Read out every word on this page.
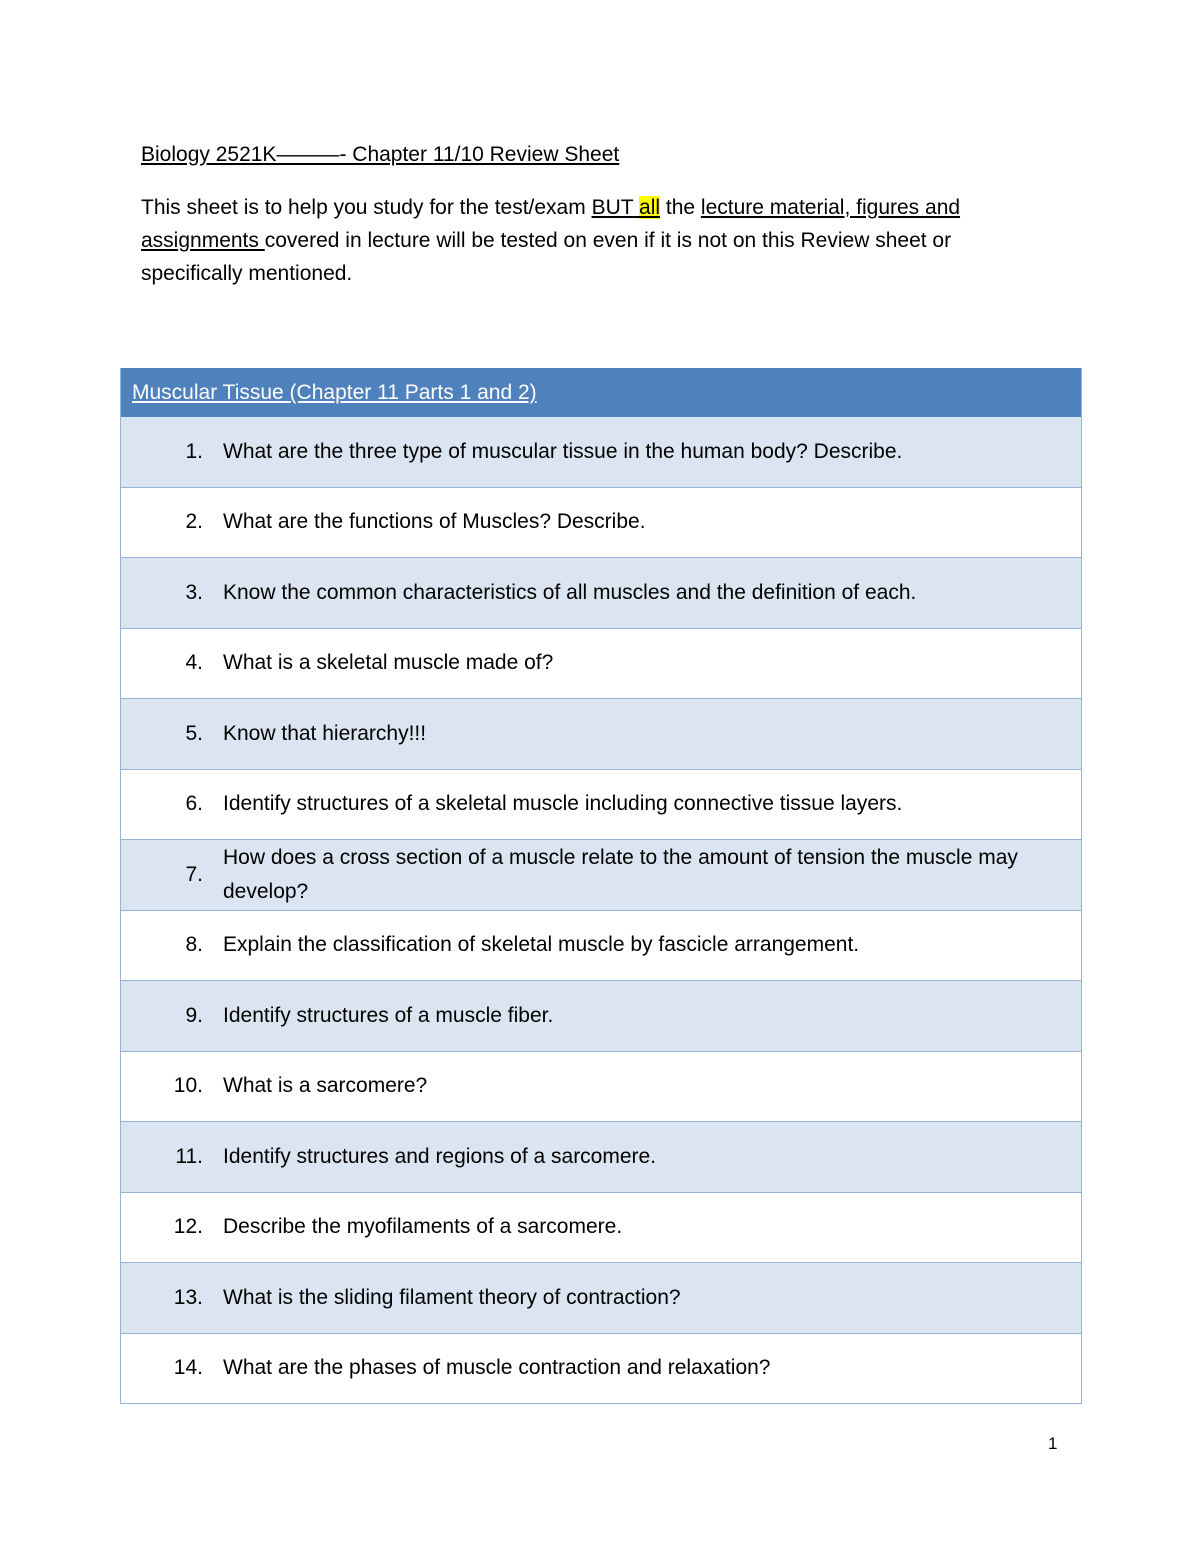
Biology 2521K———- Chapter 11/10 Review Sheet
This sheet is to help you study for the test/exam BUT all the lecture material, figures and assignments covered in lecture will be tested on even if it is not on this Review sheet or specifically mentioned.
Muscular Tissue (Chapter 11 Parts 1 and 2)
1. What are the three type of muscular tissue in the human body? Describe.
2. What are the functions of Muscles? Describe.
3. Know the common characteristics of all muscles and the definition of each.
4. What is a skeletal muscle made of?
5. Know that hierarchy!!!
6. Identify structures of a skeletal muscle including connective tissue layers.
7.
How does a cross section of a muscle relate to the amount of tension the muscle may develop?
8. Explain the classification of skeletal muscle by fascicle arrangement.
9. Identify structures of a muscle fiber.
10. What is a sarcomere?
11. Identify structures and regions of a sarcomere.
12. Describe the myofilaments of a sarcomere.
13. What is the sliding filament theory of contraction?
14. What are the phases of muscle contraction and relaxation?
1
